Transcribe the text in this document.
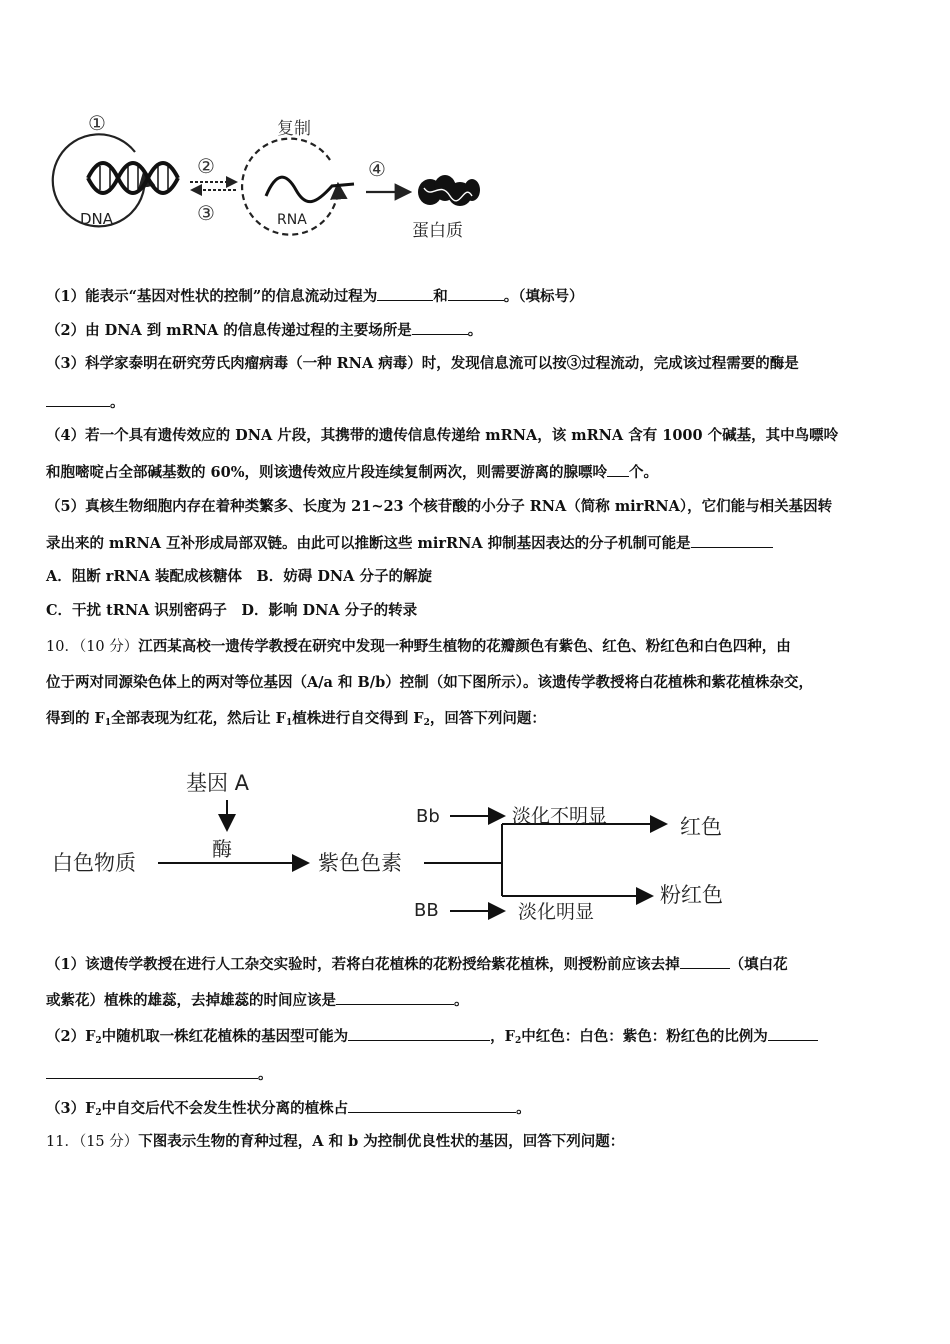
①
DNA
②
③
复制
RNA
④
蛋白质
（1）能表示“基因对性状的控制”的信息流动过程为	和	。（填标号）
（2）由 DNA 到 mRNA 的信息传递过程的主要场所是	。
（3）科学家泰明在研究劳氏肉瘤病毒（一种 RNA 病毒）时，发现信息流可以按③过程流动，完成该过程需要的酶是
。
（4）若一个具有遗传效应的 DNA 片段，其携带的遗传信息传递给 mRNA，该 mRNA 含有 1000 个碱基，其中鸟嘌呤
和胞嘧啶占全部碱基数的 60%，则该遗传效应片段连续复制两次，则需要游离的腺嘌呤 个。
（5）真核生物细胞内存在着种类繁多、长度为 21~23 个核苷酸的小分子 RNA（简称 mirRNA），它们能与相关基因转
录出来的 mRNA 互补形成局部双链。由此可以推断这些 mirRNA 抑制基因表达的分子机制可能是
A．阻断 rRNA 装配成核糖体　B．妨碍 DNA 分子的解旋
C．干扰 tRNA 识别密码子　D．影响 DNA 分子的转录
10．（10 分）江西某高校一遗传学教授在研究中发现一种野生植物的花瓣颜色有紫色、红色、粉红色和白色四种，由
位于两对同源染色体上的两对等位基因（A/a 和 B/b）控制（如下图所示）。该遗传学教授将白花植株和紫花植株杂交，
得到的 $F_1$全部表现为红花，然后让 $F_1$植株进行自交得到 $F_2$，回答下列问题：
基因 A
酶
白色物质	紫色色素
Bb	淡化不明显	红色
BB	淡化明显
粉红色
（1）该遗传学教授在进行人工杂交实验时，若将白花植株的花粉授给紫花植株，则授粉前应该去掉	（填白花
或紫花）植株的雄蕊，去掉雄蕊的时间应该是	。
$(2)F_2$中随机取一株红花植株的基因型可能为	，$F_2$中红色：白色：紫色：粉红色的比例为
。
$(3)F_2$中自交后代不会发生性状分离的植株占	。
11．（15 分）下图表示生物的育种过程，A 和 b 为控制优良性状的基因，回答下列问题：
